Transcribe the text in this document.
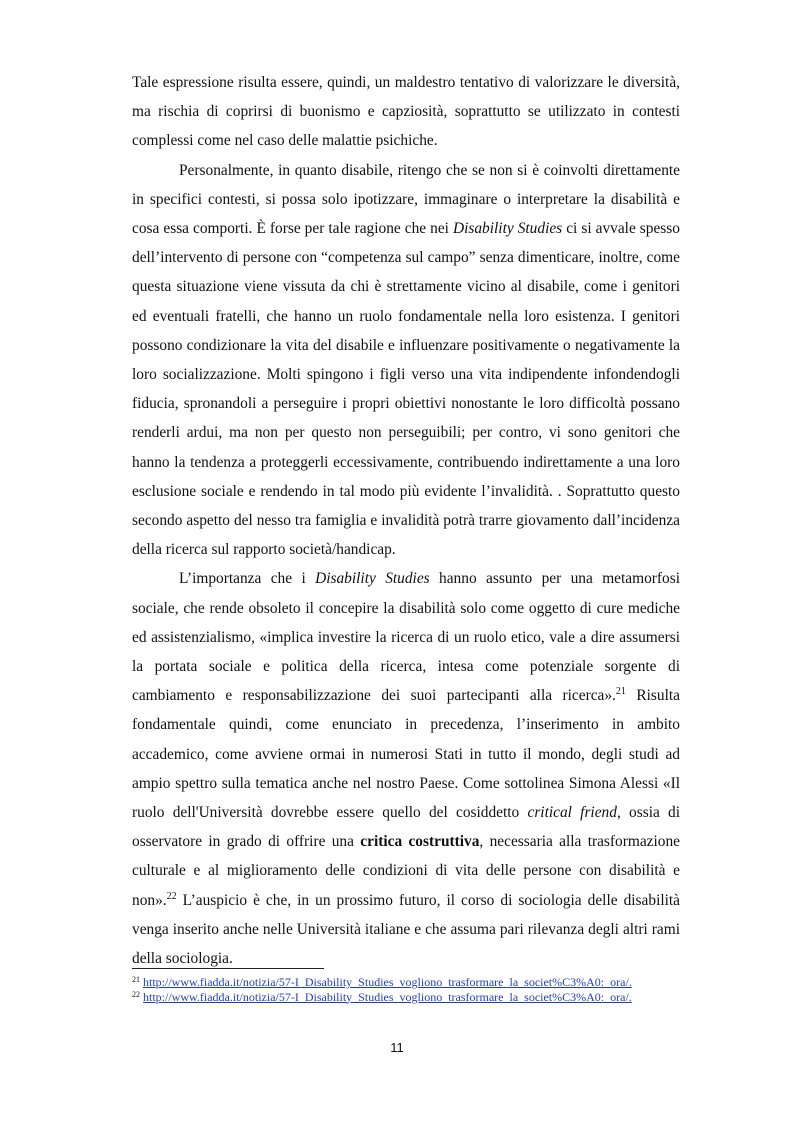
Tale espressione risulta essere, quindi, un maldestro tentativo di valorizzare le diversità, ma rischia di coprirsi di buonismo e capziosità, soprattutto se utilizzato in contesti complessi come nel caso delle malattie psichiche.

Personalmente, in quanto disabile, ritengo che se non si è coinvolti direttamente in specifici contesti, si possa solo ipotizzare, immaginare o interpretare la disabilità e cosa essa comporti. È forse per tale ragione che nei Disability Studies ci si avvale spesso dell’intervento di persone con “competenza sul campo” senza dimenticare, inoltre, come questa situazione viene vissuta da chi è strettamente vicino al disabile, come i genitori ed eventuali fratelli, che hanno un ruolo fondamentale nella loro esistenza. I genitori possono condizionare la vita del disabile e influenzare positivamente o negativamente la loro socializzazione. Molti spingono i figli verso una vita indipendente infondendogli fiducia, spronandoli a perseguire i propri obiettivi nonostante le loro difficoltà possano renderli ardui, ma non per questo non perseguibili; per contro, vi sono genitori che hanno la tendenza a proteggerli eccessivamente, contribuendo indirettamente a una loro esclusione sociale e rendendo in tal modo più evidente l’invalidità. . Soprattutto questo secondo aspetto del nesso tra famiglia e invalidità potrà trarre giovamento dall’incidenza della ricerca sul rapporto società/handicap.

L’importanza che i Disability Studies hanno assunto per una metamorfosi sociale, che rende obsoleto il concepire la disabilità solo come oggetto di cure mediche ed assistenzialismo, «implica investire la ricerca di un ruolo etico, vale a dire assumersi la portata sociale e politica della ricerca, intesa come potenziale sorgente di cambiamento e responsabilizzazione dei suoi partecipanti alla ricerca».$^{21}$ Risulta fondamentale quindi, come enunciato in precedenza, l’inserimento in ambito accademico, come avviene ormai in numerosi Stati in tutto il mondo, degli studi ad ampio spettro sulla tematica anche nel nostro Paese. Come sottolinea Simona Alessi «Il ruolo dell'Università dovrebbe essere quello del cosiddetto critical friend, ossia di osservatore in grado di offrire una critica costruttiva, necessaria alla trasformazione culturale e al miglioramento delle condizioni di vita delle persone con disabilità e non».$^{22}$ L’auspicio è che, in un prossimo futuro, il corso di sociologia delle disabilità venga inserito anche nelle Università italiane e che assuma pari rilevanza degli altri rami della sociologia.

$^{21}$ http://www.fiadda.it/notizia/57-I_Disability_Studies_vogliono_trasformare_la_societ%C3%A0:_ora/.

$^{22}$ http://www.fiadda.it/notizia/57-I_Disability_Studies_vogliono_trasformare_la_societ%C3%A0:_ora/.

11
